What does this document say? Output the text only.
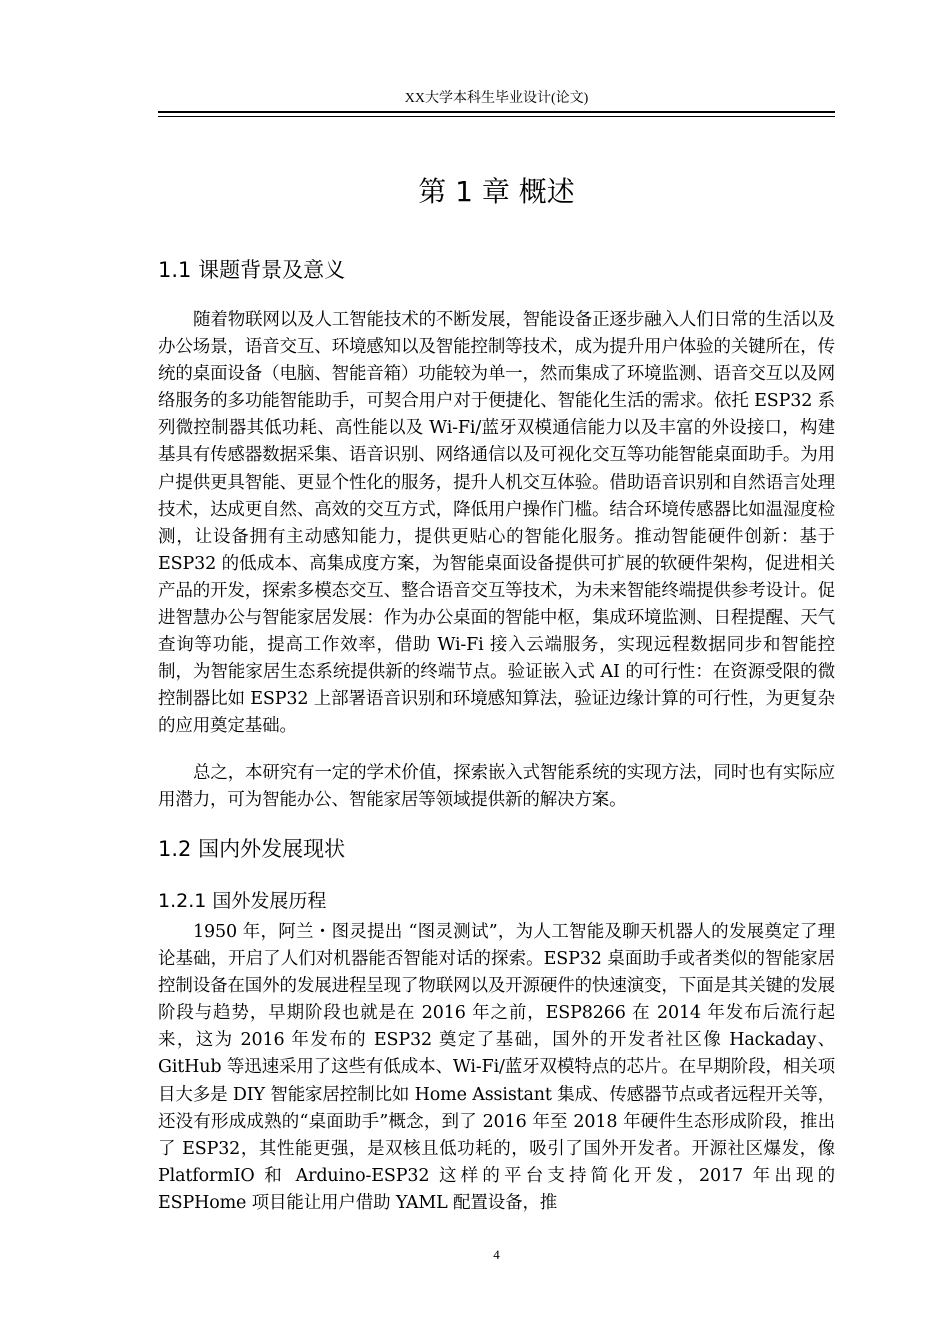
XX大学本科生毕业设计(论文)
第 1 章 概述
1.1 课题背景及意义

随着物联网以及人工智能技术的不断发展，智能设备正逐步融入人们日常的生活以及办公场景，语音交互、环境感知以及智能控制等技术，成为提升用户体验的关键所在，传统的桌面设备（电脑、智能音箱）功能较为单一，然而集成了环境监测、语音交互以及网络服务的多功能智能助手，可契合用户对于便捷化、智能化生活的需求。依托 ESP32 系列微控制器其低功耗、高性能以及 Wi-Fi/蓝牙双模通信能力以及丰富的外设接口，构建基具有传感器数据采集、语音识别、网络通信以及可视化交互等功能智能桌面助手。为用户提供更具智能、更显个性化的服务，提升人机交互体验。借助语音识别和自然语言处理技术，达成更自然、高效的交互方式，降低用户操作门槛。结合环境传感器比如温湿度检测，让设备拥有主动感知能力，提供更贴心的智能化服务。推动智能硬件创新：基于 ESP32 的低成本、高集成度方案，为智能桌面设备提供可扩展的软硬件架构，促进相关产品的开发，探索多模态交互、整合语音交互等技术，为未来智能终端提供参考设计。促进智慧办公与智能家居发展：作为办公桌面的智能中枢，集成环境监测、日程提醒、天气查询等功能，提高工作效率，借助 Wi-Fi 接入云端服务，实现远程数据同步和智能控制，为智能家居生态系统提供新的终端节点。验证嵌入式 AI 的可行性：在资源受限的微控制器比如 ESP32 上部署语音识别和环境感知算法，验证边缘计算的可行性，为更复杂的应用奠定基础。

总之，本研究有一定的学术价值，探索嵌入式智能系统的实现方法，同时也有实际应用潜力，可为智能办公、智能家居等领域提供新的解决方案。

1.2 国内外发展现状
1.2.1 国外发展历程

1950 年，阿兰・图灵提出 “图灵测试”，为人工智能及聊天机器人的发展奠定了理论基础，开启了人们对机器能否智能对话的探索。ESP32 桌面助手或者类似的智能家居控制设备在国外的发展进程呈现了物联网以及开源硬件的快速演变，下面是其关键的发展阶段与趋势，早期阶段也就是在 2016 年之前，ESP8266 在 2014 年发布后流行起来，这为 2016 年发布的 ESP32 奠定了基础，国外的开发者社区像 Hackaday、GitHub 等迅速采用了这些有低成本、Wi-Fi/蓝牙双模特点的芯片。在早期阶段，相关项目大多是 DIY 智能家居控制比如 Home Assistant 集成、传感器节点或者远程开关等，还没有形成成熟的“桌面助手”概念，到了 2016 年至 2018 年硬件生态形成阶段，推出了 ESP32，其性能更强，是双核且低功耗的，吸引了国外开发者。开源社区爆发，像 PlatformIO 和 Arduino-ESP32 这样的平台支持简化开发，2017 年出现的 ESPHome 项目能让用户借助 YAML 配置设备，推

4
